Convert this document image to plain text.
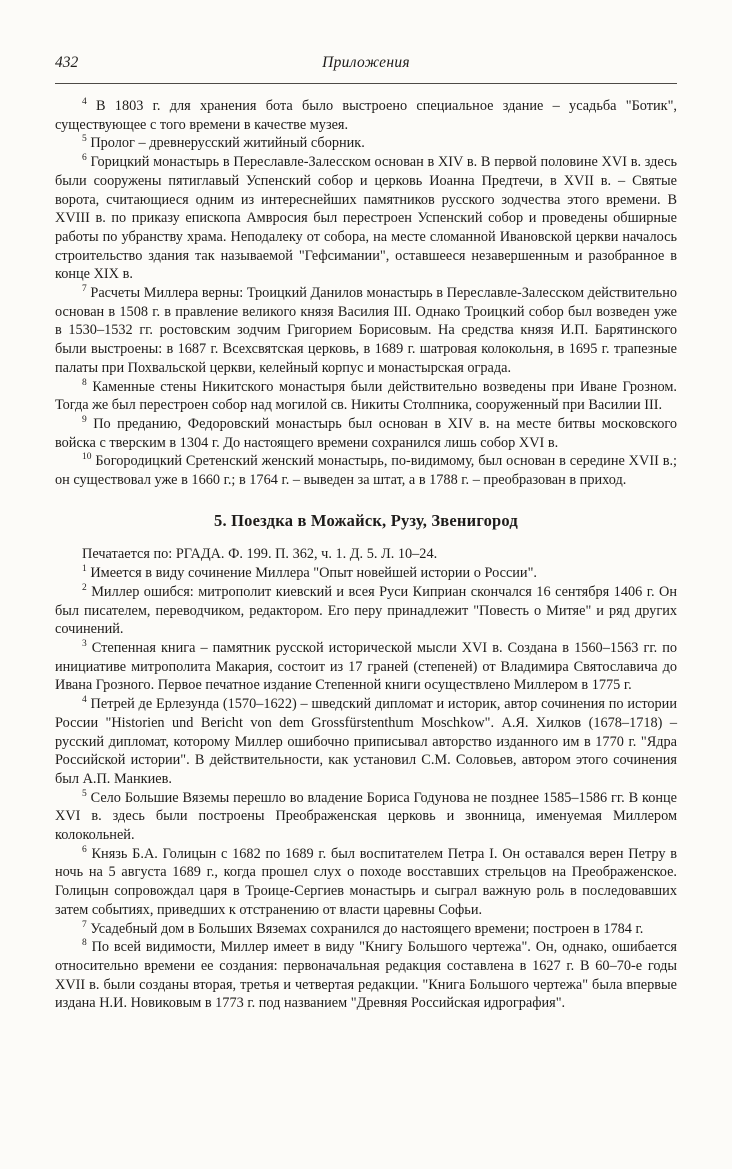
432	Приложения

$^4$ В 1803 г. для хранения бота было выстроено специальное здание – усадьба "Ботик", существующее с того времени в качестве музея.

$^5$ Пролог – древнерусский житийный сборник.

$^6$ Горицкий монастырь в Переславле-Залесском основан в XIV в. В первой половине XVI в. здесь были сооружены пятиглавый Успенский собор и церковь Иоанна Предтечи, в XVII в. – Святые ворота, считающиеся одним из интереснейших памятников русского зодчества этого времени. В XVIII в. по приказу епископа Амвросия был перестроен Успенский собор и проведены обширные работы по убранству храма. Неподалеку от собора, на месте сломанной Ивановской церкви началось строительство здания так называемой "Гефсимании", оставшееся незавершенным и разобранное в конце XIX в.

$^7$ Расчеты Миллера верны: Троицкий Данилов монастырь в Переславле-Залесском действительно основан в 1508 г. в правление великого князя Василия III. Однако Троицкий собор был возведен уже в 1530–1532 гг. ростовским зодчим Григорием Борисовым. На средства князя И.П. Барятинского были выстроены: в 1687 г. Всехсвятская церковь, в 1689 г. шатровая колокольня, в 1695 г. трапезные палаты при Похвальской церкви, келейный корпус и монастырская ограда.

$^8$ Каменные стены Никитского монастыря были действительно возведены при Иване Грозном. Тогда же был перестроен собор над могилой св. Никиты Столпника, сооруженный при Василии III.

$^9$ По преданию, Федоровский монастырь был основан в XIV в. на месте битвы московского войска с тверским в 1304 г. До настоящего времени сохранился лишь собор XVI в.

$^{10}$ Богородицкий Сретенский женский монастырь, по-видимому, был основан в середине XVII в.; он существовал уже в 1660 г.; в 1764 г. – выведен за штат, а в 1788 г. – преобразован в приход.

5. Поездка в Можайск, Рузу, Звенигород

Печатается по: РГАДА. Ф. 199. П. 362, ч. 1. Д. 5. Л. 10–24.

$^1$ Имеется в виду сочинение Миллера "Опыт новейшей истории о России".

$^2$ Миллер ошибся: митрополит киевский и всея Руси Киприан скончался 16 сентября 1406 г. Он был писателем, переводчиком, редактором. Его перу принадлежит "Повесть о Митяе" и ряд других сочинений.

$^3$ Степенная книга – памятник русской исторической мысли XVI в. Создана в 1560–1563 гг. по инициативе митрополита Макария, состоит из 17 граней (степеней) от Владимира Святославича до Ивана Грозного. Первое печатное издание Степенной книги осуществлено Миллером в 1775 г.

$^4$ Петрей де Ерлезунда (1570–1622) – шведский дипломат и историк, автор сочинения по истории России "Historien und Bericht von dem Grossfürstenthum Moschkow". А.Я. Хилков (1678–1718) – русский дипломат, которому Миллер ошибочно приписывал авторство изданного им в 1770 г. "Ядра Российской истории". В действительности, как установил С.М. Соловьев, автором этого сочинения был А.П. Манкиев.

$^5$ Село Большие Вяземы перешло во владение Бориса Годунова не позднее 1585–1586 гг. В конце XVI в. здесь были построены Преображенская церковь и звонница, именуемая Миллером колокольней.

$^6$ Князь Б.А. Голицын с 1682 по 1689 г. был воспитателем Петра I. Он оставался верен Петру в ночь на 5 августа 1689 г., когда прошел слух о походе восставших стрельцов на Преображенское. Голицын сопровождал царя в Троице-Сергиев монастырь и сыграл важную роль в последовавших затем событиях, приведших к отстранению от власти царевны Софьи.

$^7$ Усадебный дом в Больших Вяземах сохранился до настоящего времени; построен в 1784 г.

$^8$ По всей видимости, Миллер имеет в виду "Книгу Большого чертежа". Он, однако, ошибается относительно времени ее создания: первоначальная редакция составлена в 1627 г. В 60–70-е годы XVII в. были созданы вторая, третья и четвертая редакции. "Книга Большого чертежа" была впервые издана Н.И. Новиковым в 1773 г. под названием "Древняя Российская идрография".
